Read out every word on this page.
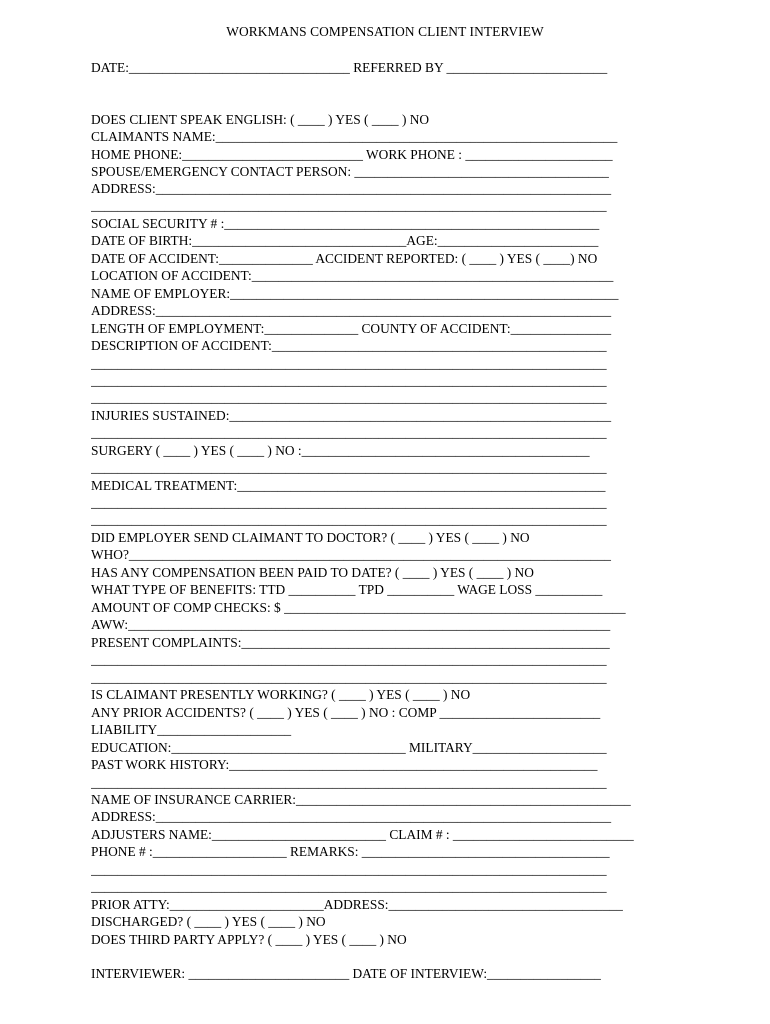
WORKMANS COMPENSATION CLIENT INTERVIEW
DATE:_________________________________ REFERRED BY ________________________
DOES CLIENT SPEAK ENGLISH: ( ____ ) YES ( ____ ) NO
CLAIMANTS NAME:____________________________________________________________
HOME PHONE:___________________________ WORK PHONE : ______________________
SPOUSE/EMERGENCY CONTACT PERSON: ______________________________________
ADDRESS:____________________________________________________________________
_____________________________________________________________________________
SOCIAL SECURITY # :________________________________________________________
DATE OF BIRTH:________________________________AGE:________________________
DATE OF ACCIDENT:______________ ACCIDENT REPORTED: ( ____ ) YES ( ____) NO
LOCATION OF ACCIDENT:______________________________________________________
NAME OF EMPLOYER:__________________________________________________________
ADDRESS:____________________________________________________________________
LENGTH OF EMPLOYMENT:______________ COUNTY OF ACCIDENT:_______________
DESCRIPTION OF ACCIDENT:__________________________________________________
_____________________________________________________________________________
_____________________________________________________________________________
_____________________________________________________________________________
INJURIES SUSTAINED:_________________________________________________________
_____________________________________________________________________________
SURGERY ( ____ ) YES ( ____ ) NO :___________________________________________
_____________________________________________________________________________
MEDICAL TREATMENT:_______________________________________________________
_____________________________________________________________________________
_____________________________________________________________________________
DID EMPLOYER SEND CLAIMANT TO DOCTOR? ( ____ ) YES ( ____ ) NO
WHO?________________________________________________________________________
HAS ANY COMPENSATION BEEN PAID TO DATE? ( ____ ) YES ( ____ ) NO
WHAT TYPE OF BENEFITS: TTD __________ TPD __________ WAGE LOSS __________
AMOUNT OF COMP CHECKS: $ ___________________________________________________
AWW:________________________________________________________________________
PRESENT COMPLAINTS:_______________________________________________________
_____________________________________________________________________________
_____________________________________________________________________________
IS CLAIMANT PRESENTLY WORKING? ( ____ ) YES ( ____ ) NO
ANY PRIOR ACCIDENTS? ( ____ ) YES ( ____ ) NO : COMP ________________________
LIABILITY____________________
EDUCATION:___________________________________ MILITARY____________________
PAST WORK HISTORY:_______________________________________________________
_____________________________________________________________________________
NAME OF INSURANCE CARRIER:__________________________________________________
ADDRESS:____________________________________________________________________
ADJUSTERS NAME:__________________________ CLAIM # : ___________________________
PHONE # :____________________ REMARKS: _____________________________________
_____________________________________________________________________________
_____________________________________________________________________________
PRIOR ATTY:_______________________ADDRESS:___________________________________
DISCHARGED? ( ____ ) YES ( ____ ) NO
DOES THIRD PARTY APPLY? ( ____ ) YES ( ____ ) NO
INTERVIEWER: ________________________ DATE OF INTERVIEW:_________________
